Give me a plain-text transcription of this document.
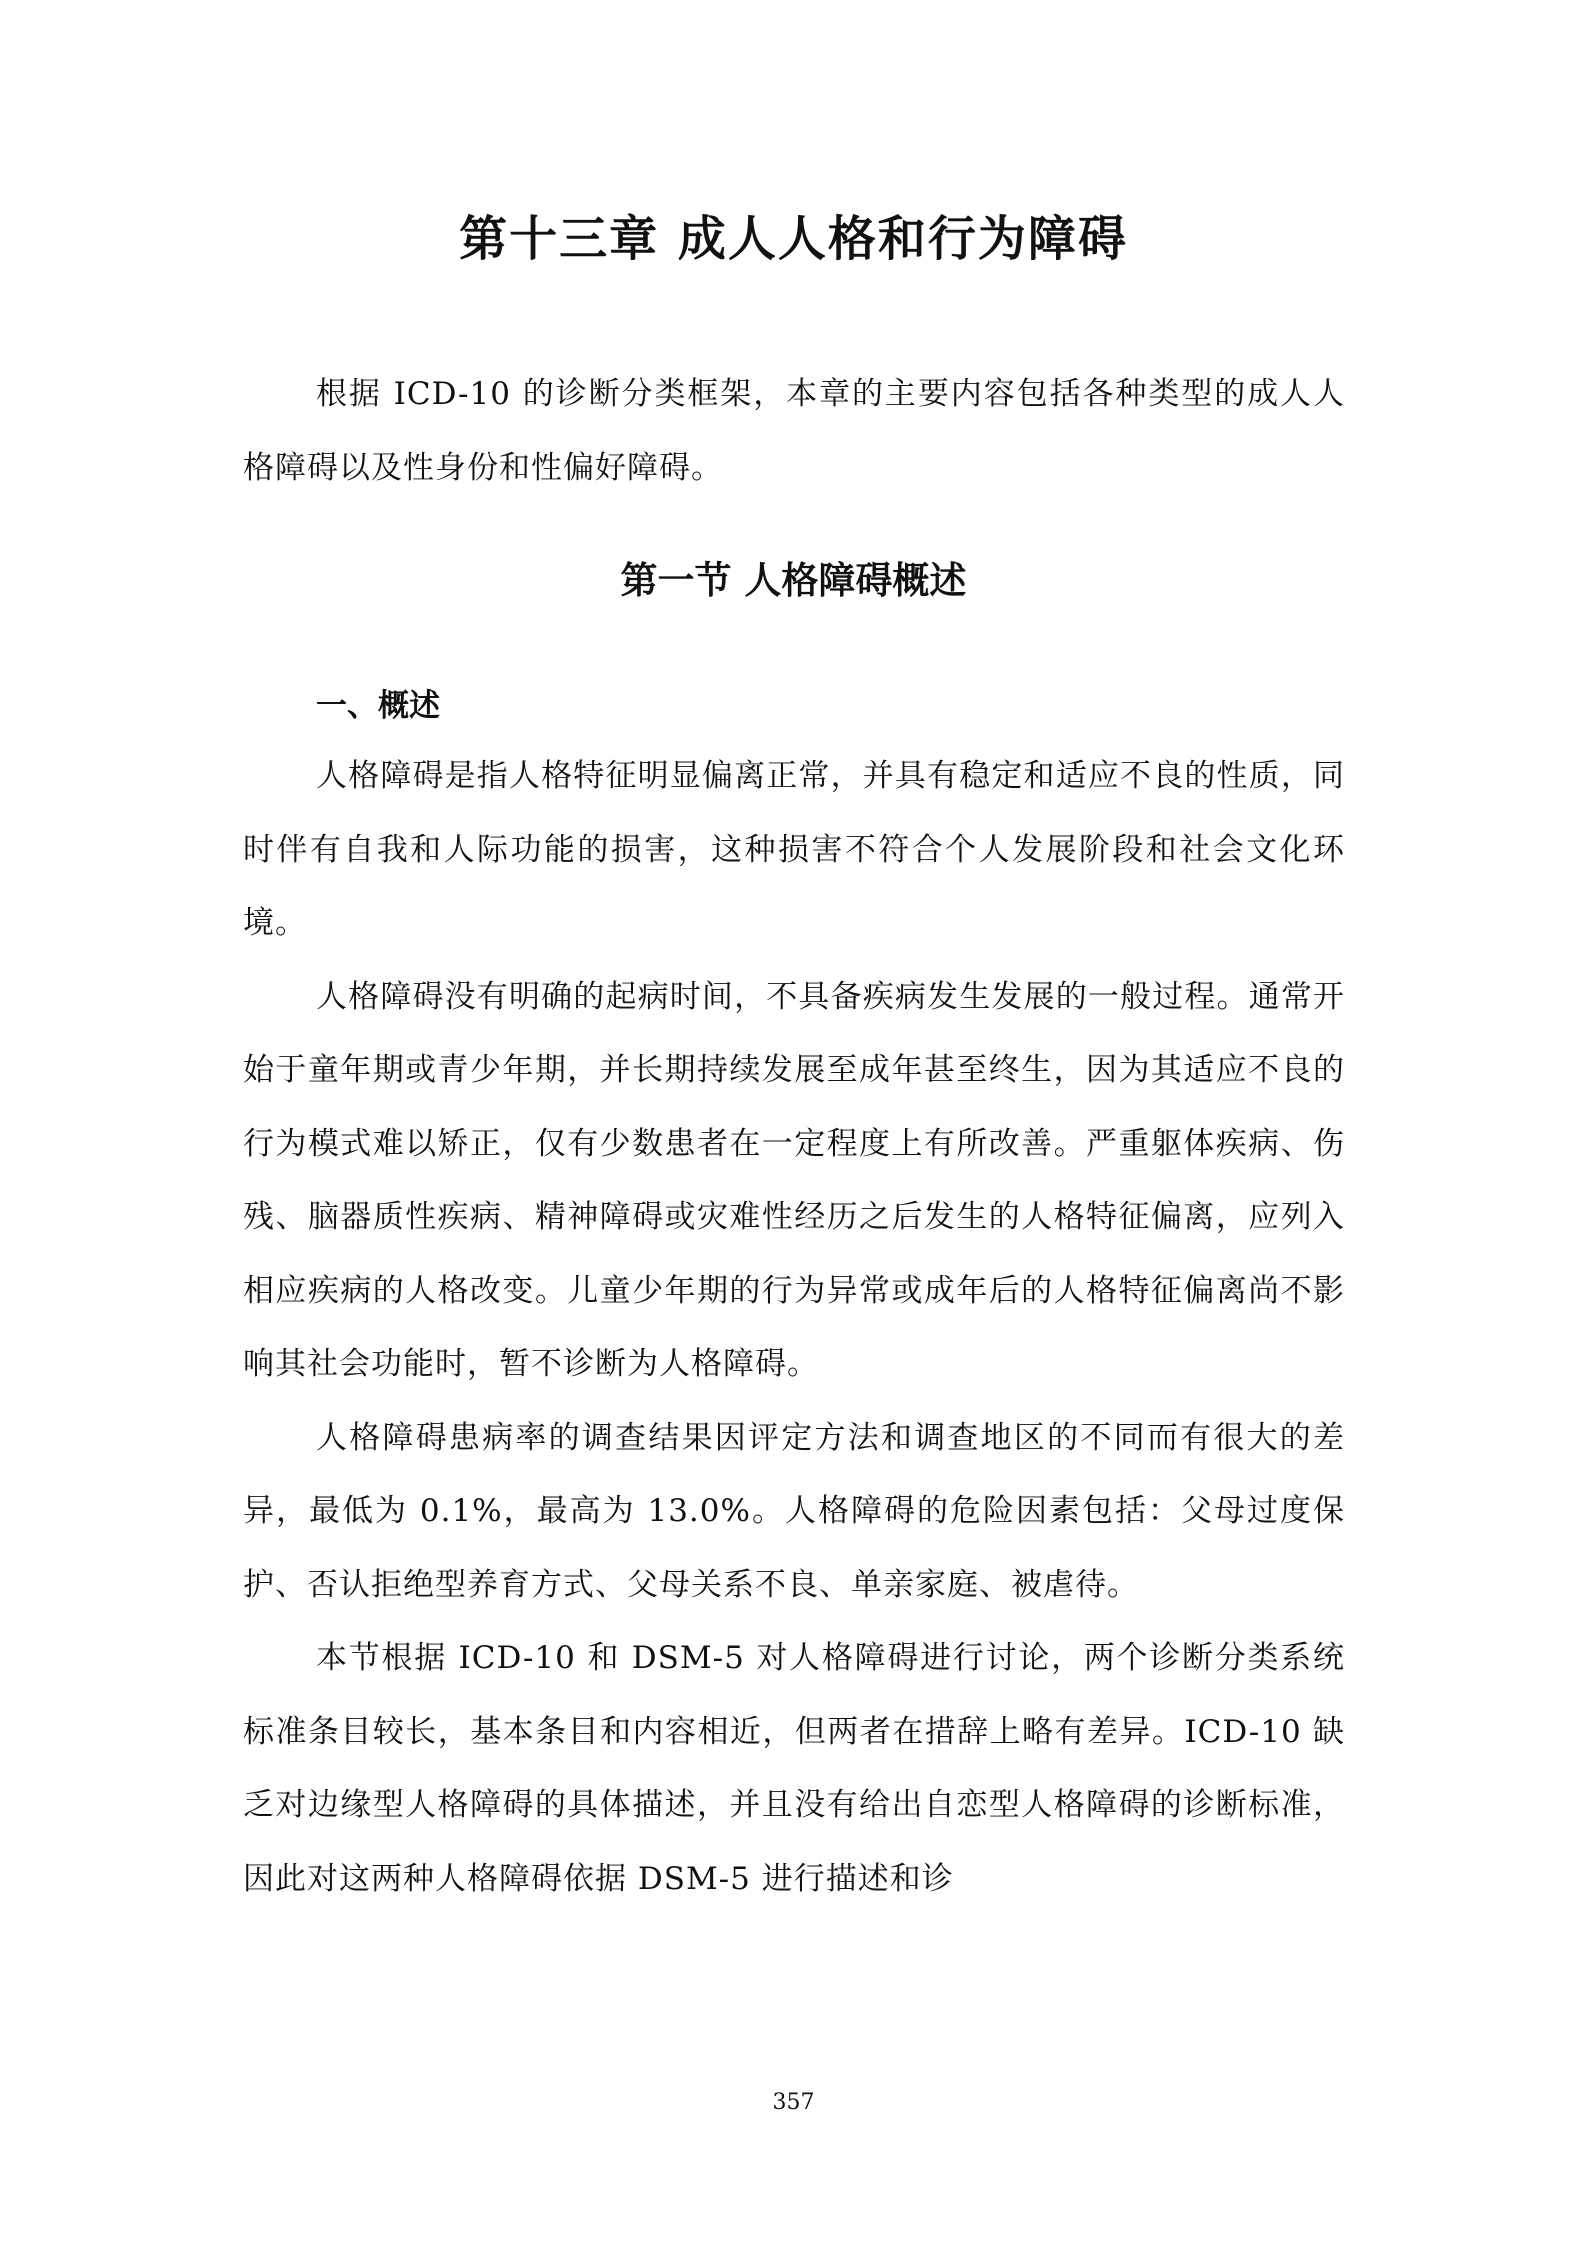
第十三章 成人人格和行为障碍

根据 ICD-10 的诊断分类框架，本章的主要内容包括各种类型的成人人格障碍以及性身份和性偏好障碍。

第一节 人格障碍概述
一、概述

人格障碍是指人格特征明显偏离正常，并具有稳定和适应不良的性质，同时伴有自我和人际功能的损害，这种损害不符合个人发展阶段和社会文化环境。

人格障碍没有明确的起病时间，不具备疾病发生发展的一般过程。通常开始于童年期或青少年期，并长期持续发展至成年甚至终生，因为其适应不良的行为模式难以矫正，仅有少数患者在一定程度上有所改善。严重躯体疾病、伤残、脑器质性疾病、精神障碍或灾难性经历之后发生的人格特征偏离，应列入相应疾病的人格改变。儿童少年期的行为异常或成年后的人格特征偏离尚不影响其社会功能时，暂不诊断为人格障碍。

人格障碍患病率的调查结果因评定方法和调查地区的不同而有很大的差异，最低为 0.1%，最高为 13.0%。人格障碍的危险因素包括：父母过度保护、否认拒绝型养育方式、父母关系不良、单亲家庭、被虐待。

本节根据 ICD-10 和 DSM-5 对人格障碍进行讨论，两个诊断分类系统标准条目较长，基本条目和内容相近，但两者在措辞上略有差异。ICD-10 缺乏对边缘型人格障碍的具体描述，并且没有给出自恋型人格障碍的诊断标准，因此对这两种人格障碍依据 DSM-5 进行描述和诊

357
